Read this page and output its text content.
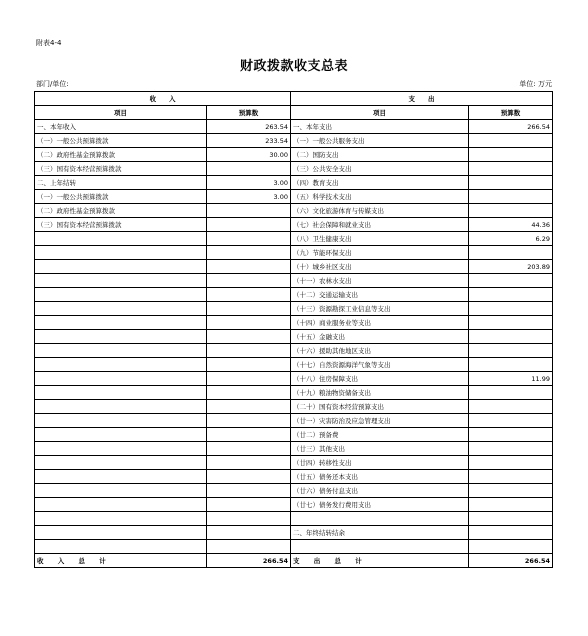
附表4-4
财政拨款收支总表
部门/单位:	单位: 万元
收　　入		支　　出	
项目	预算数	项目	预算数
一、本年收入	263.54	一、本年支出	266.54
（一）一般公共预算拨款	233.54	（一）一般公共服务支出	
（二）政府性基金预算拨款	30.00	（二）国防支出	
（三）国有资本经营预算拨款		（三）公共安全支出	
二、上年结转	3.00	（四）教育支出	
（一）一般公共预算拨款	3.00	（五）科学技术支出	
（二）政府性基金预算拨款		（六）文化旅游体育与传媒支出	
（三）国有资本经营预算拨款		（七）社会保障和就业支出	44.36
		（八）卫生健康支出	6.29
		（九）节能环保支出	
		（十）城乡社区支出	203.89
		（十一）农林水支出	
		（十二）交通运输支出	
		（十三）资源勘探工业信息等支出	
		（十四）商业服务业等支出	
		（十五）金融支出	
		（十六）援助其他地区支出	
		（十七）自然资源海洋气象等支出	
		（十八）住房保障支出	11.99
		（十九）粮油物资储备支出	
		（二十）国有资本经营预算支出	
		（廿一）灾害防治及应急管理支出	
		（廿二）预备费	
		（廿三）其他支出	
		（廿四）转移性支出	
		（廿五）债务还本支出	
		（廿六）债务付息支出	
		（廿七）债务发行费用支出	

		二、年终结转结余	

收 入 总 计	266.54	支 出 总 计	266.54
